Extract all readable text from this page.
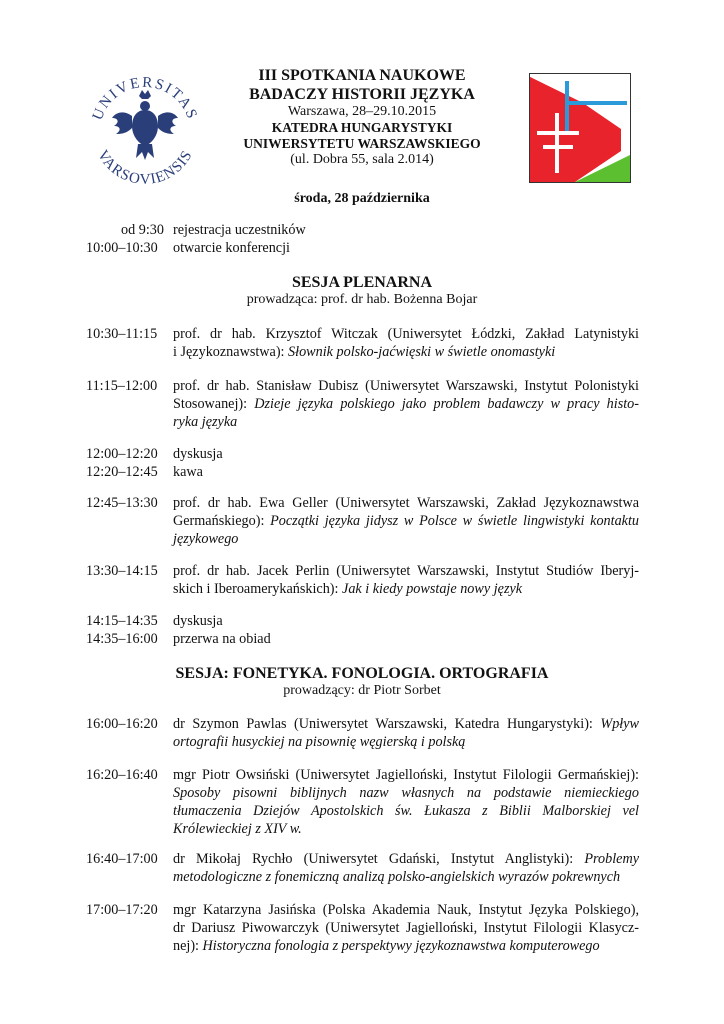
UNIVERSITAS
VARSOVIENSIS
III SPOTKANIA NAUKOWE
BADACZY HISTORII JĘZYKA
Warszawa, 28–29.10.2015
KATEDRA HUNGARYSTYKI
UNIWERSYTETU WARSZAWSKIEGO
(ul. Dobra 55, sala 2.014)
środa, 28 października
od 9:30 rejestracja uczestników
10:00–10:30	otwarcie konferencji
SESJA PLENARNA
prowadząca: prof. dr hab. Bożenna Bojar
10:30–11:15	prof. dr hab. Krzysztof Witczak (Uniwersytet Łódzki, Zakład Latynistyki
i Językoznawstwa): Słownik polsko-jaćwięski w świetle onomastyki
11:15–12:00	prof. dr hab. Stanisław Dubisz (Uniwersytet Warszawski, Instytut Polonistyki
Stosowanej): Dzieje języka polskiego jako problem badawczy w pracy histo-
ryka języka
12:00–12:20	dyskusja
12:20–12:45	kawa
12:45–13:30	prof. dr hab. Ewa Geller (Uniwersytet Warszawski, Zakład Językoznawstwa
Germańskiego): Początki języka jidysz w Polsce w świetle lingwistyki kontaktu
językowego
13:30–14:15	prof. dr hab. Jacek Perlin (Uniwersytet Warszawski, Instytut Studiów Iberyj-
skich i Iberoamerykańskich): Jak i kiedy powstaje nowy język
14:15–14:35	dyskusja
14:35–16:00	przerwa na obiad
SESJA: FONETYKA. FONOLOGIA. ORTOGRAFIA
prowadzący: dr Piotr Sorbet
16:00–16:20	dr Szymon Pawlas (Uniwersytet Warszawski, Katedra Hungarystyki): Wpływ
ortografii husyckiej na pisownię węgierską i polską
16:20–16:40	mgr Piotr Owsiński (Uniwersytet Jagielloński, Instytut Filologii Germańskiej):
Sposoby pisowni biblijnych nazw własnych na podstawie niemieckiego
tłumaczenia Dziejów Apostolskich św. Łukasza z Biblii Malborskiej vel
Królewieckiej z XIV w.
16:40–17:00	dr Mikołaj Rychło (Uniwersytet Gdański, Instytut Anglistyki): Problemy
metodologiczne z fonemiczną analizą polsko-angielskich wyrazów pokrewnych
17:00–17:20	mgr Katarzyna Jasińska (Polska Akademia Nauk, Instytut Języka Polskiego),
dr Dariusz Piwowarczyk (Uniwersytet Jagielloński, Instytut Filologii Klasycz-
nej): Historyczna fonologia z perspektywy językoznawstwa komputerowego
